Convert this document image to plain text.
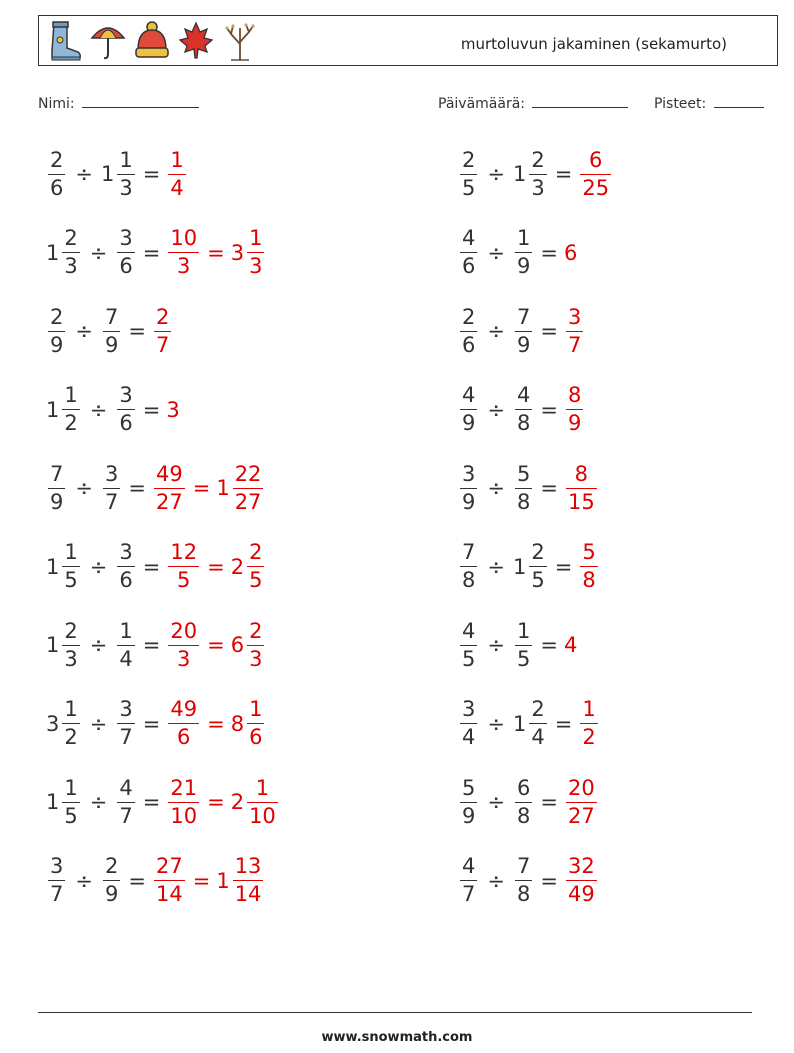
murtoluvun jakaminen (sekamurto)
Nimi:	Päivämäärä:	Pisteet:
$\frac{2}{6} \div 1 \frac{1}{3} = \frac{1}{4}$	$\frac{2}{5} \div 1 \frac{2}{3} = \frac{6}{25}$
$1 \frac{2}{3} \div \frac{3}{6} = \frac{10}{3} = 3 \frac{1}{3}$	$\frac{4}{6} \div \frac{1}{9} = 6$
$\frac{2}{9} \div \frac{7}{9} = \frac{2}{7}$	$\frac{2}{6} \div \frac{7}{9} = \frac{3}{7}$
$1 \frac{1}{2} \div \frac{3}{6} = 3$	$\frac{4}{9} \div \frac{4}{8} = \frac{8}{9}$
$\frac{7}{9} \div \frac{3}{7} = \frac{49}{27} = 1 \frac{22}{27}$	$\frac{3}{9} \div \frac{5}{8} = \frac{8}{15}$
$1 \frac{1}{5} \div \frac{3}{6} = \frac{12}{5} = 2 \frac{2}{5}$	$\frac{7}{8} \div 1 \frac{2}{5} = \frac{5}{8}$
$1 \frac{2}{3} \div \frac{1}{4} = \frac{20}{3} = 6 \frac{2}{3}$	$\frac{4}{5} \div \frac{1}{5} = 4$
$3 \frac{1}{2} \div \frac{3}{7} = \frac{49}{6} = 8 \frac{1}{6}$	$\frac{3}{4} \div 1 \frac{2}{4} = \frac{1}{2}$
$1 \frac{1}{5} \div \frac{4}{7} = \frac{21}{10} = 2 \frac{1}{10}$	$\frac{5}{9} \div \frac{6}{8} = \frac{20}{27}$
$\frac{3}{7} \div \frac{2}{9} = \frac{27}{14} = 1 \frac{13}{14}$	$\frac{4}{7} \div \frac{7}{8} = \frac{32}{49}$
www.snowmath.com
